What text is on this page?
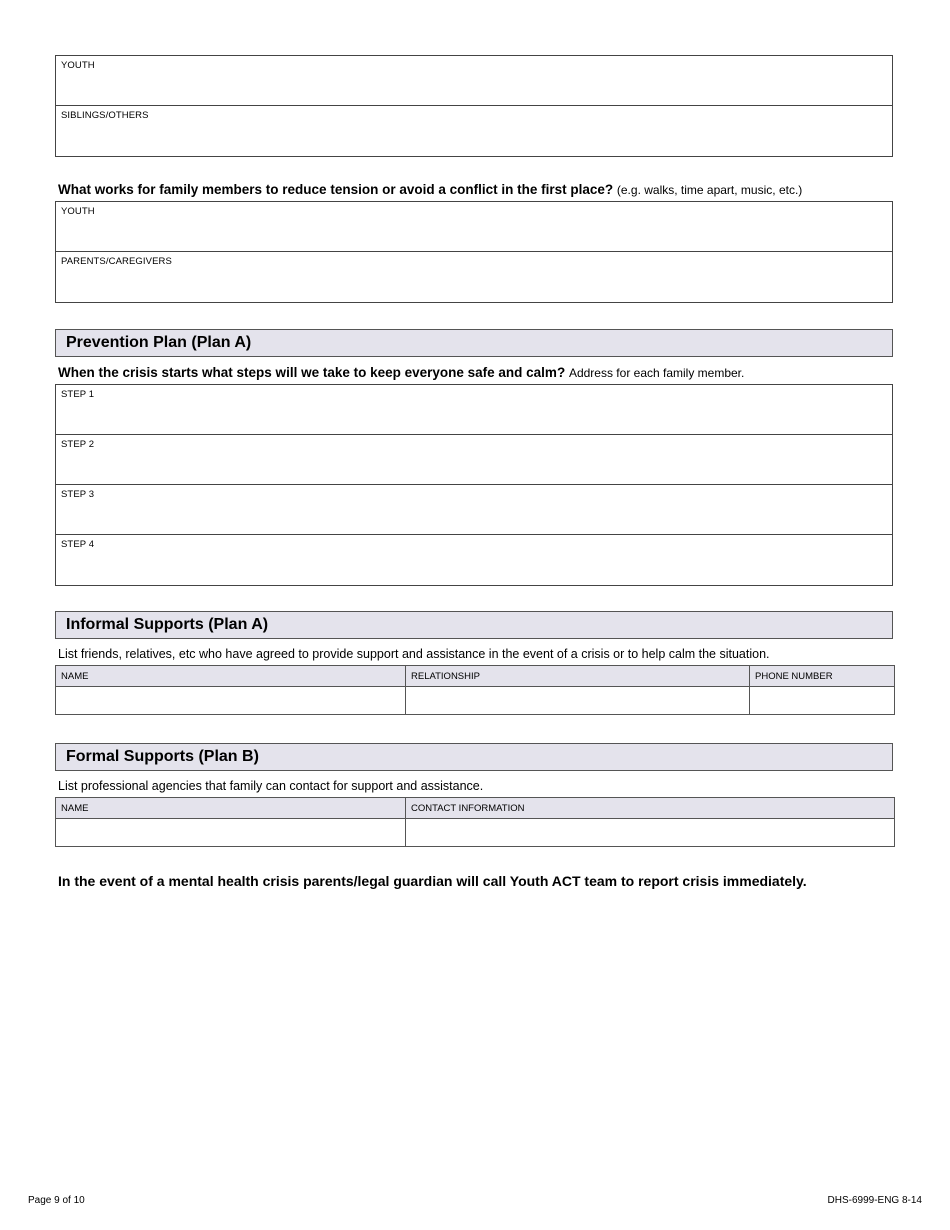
YOUTH
SIBLINGS/OTHERS
What works for family members to reduce tension or avoid a conflict in the first place? (e.g. walks, time apart, music, etc.)
YOUTH
PARENTS/CAREGIVERS
Prevention Plan (Plan A)
When the crisis starts what steps will we take to keep everyone safe and calm? Address for each family member.
STEP 1
STEP 2
STEP 3
STEP 4
Informal Supports (Plan A)
List friends, relatives, etc who have agreed to provide support and assistance in the event of a crisis or to help calm the situation.
NAME	RELATIONSHIP	PHONE NUMBER

Formal Supports (Plan B)
List professional agencies that family can contact for support and assistance.
NAME	CONTACT INFORMATION

In the event of a mental health crisis parents/legal guardian will call Youth ACT team to report crisis immediately.
Page 9 of 10	DHS-6999-ENG 8-14
